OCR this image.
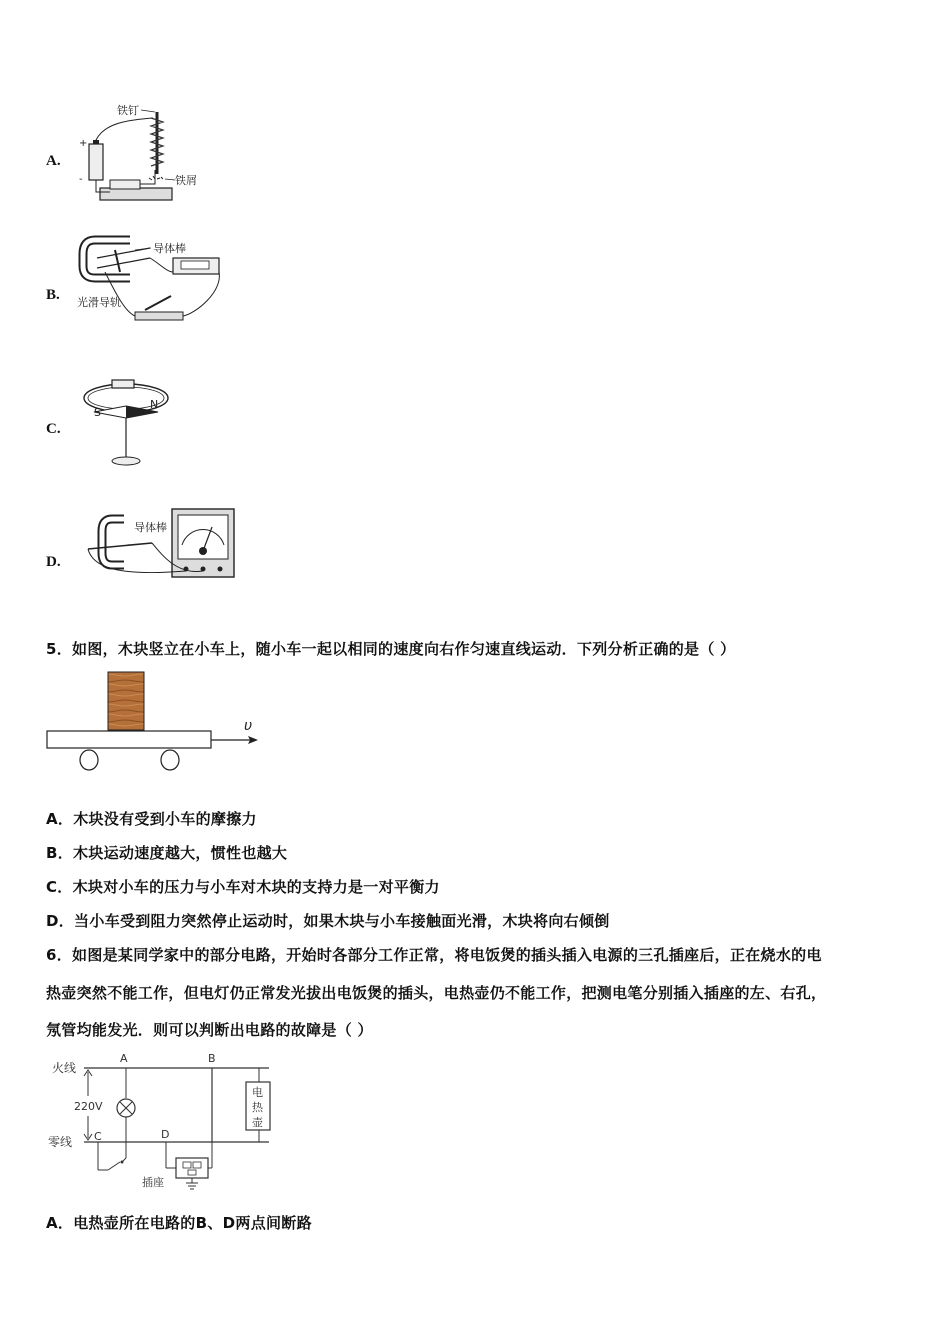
A.
+
-
铁钉
铁屑
B.
导体棒
光滑导轨
C.
S
N
D.
导体棒
5．如图，木块竖立在小车上，随小车一起以相同的速度向右作匀速直线运动．下列分析正确的是（ ）
υ
A．木块没有受到小车的摩擦力
B．木块运动速度越大，惯性也越大
C．木块对小车的压力与小车对木块的支持力是一对平衡力
D．当小车受到阻力突然停止运动时，如果木块与小车接触面光滑，木块将向右倾倒
6．如图是某同学家中的部分电路，开始时各部分工作正常，将电饭煲的插头插入电源的三孔插座后，正在烧水的电
热壶突然不能工作，但电灯仍正常发光拔出电饭煲的插头，电热壶仍不能工作，把测电笔分别插入插座的左、右孔，
氖管均能发光．则可以判断出电路的故障是（ ）
火线
零线
220V
A
C
B
电
热
壶
D
插座
A．电热壶所在电路的B、D两点间断路
